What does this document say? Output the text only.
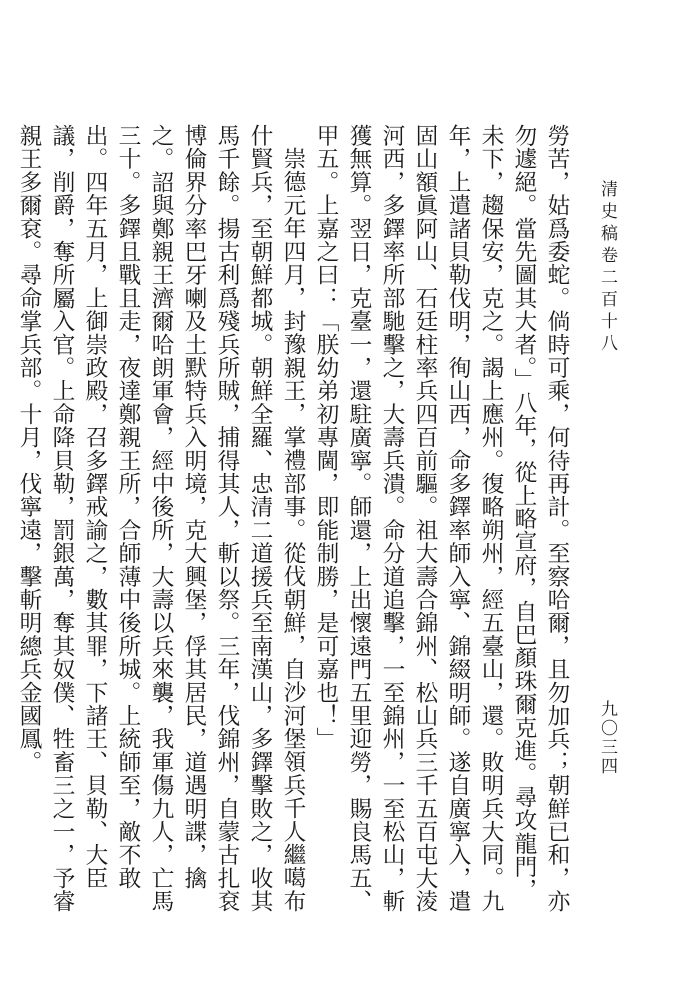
清史稿卷二百十八
九〇三四

勞苦，姑爲委蛇。倘時可乘，何待再計。至察哈爾，且勿加兵；朝鮮已和，亦勿遽絕。當先圖其大者。」八年，從上略宣府，自巴顏珠爾克進。尋攻龍門，未下，趨保安，克之。謁上應州。復略朔州，經五臺山，還。敗明兵大同。九年，上遣諸貝勒伐明，徇山西，命多鐸率師入寧、錦綴明師。遂自廣寧入，遣固山額眞阿山、石廷柱率兵四百前驅。祖大壽合錦州、松山兵三千五百屯大淩河西，多鐸率所部馳擊之，大壽兵潰。命分道追擊，一至錦州，一至松山，斬獲無算。翌日，克臺一，還駐廣寧。師還，上出懷遠門五里迎勞，賜良馬五、甲五。上嘉之曰：「朕幼弟初專閫，即能制勝，是可嘉也！」

崇德元年四月，封豫親王，掌禮部事。從伐朝鮮，自沙河堡領兵千人繼噶布什賢兵，至朝鮮都城。朝鮮全羅、忠清二道援兵至南漢山，多鐸擊敗之，收其馬千餘。揚古利爲殘兵所賊，捕得其人，斬以祭。三年，伐錦州，自蒙古扎袞博倫界分率巴牙喇及土默特兵入明境，克大興堡，俘其居民，道遇明諜，擒之。詔與鄭親王濟爾哈朗軍會，經中後所，大壽以兵來襲，我軍傷九人，亡馬三十。多鐸且戰且走，夜達鄭親王所，合師薄中後所城。上統師至，敵不敢出。四年五月，上御崇政殿，召多鐸戒諭之，數其罪，下諸王、貝勒、大臣議，削爵，奪所屬入官。上命降貝勒，罰銀萬，奪其奴僕、牲畜三之一，予睿親王多爾袞。尋命掌兵部。十月，伐寧遠，擊斬明總兵金國鳳。
